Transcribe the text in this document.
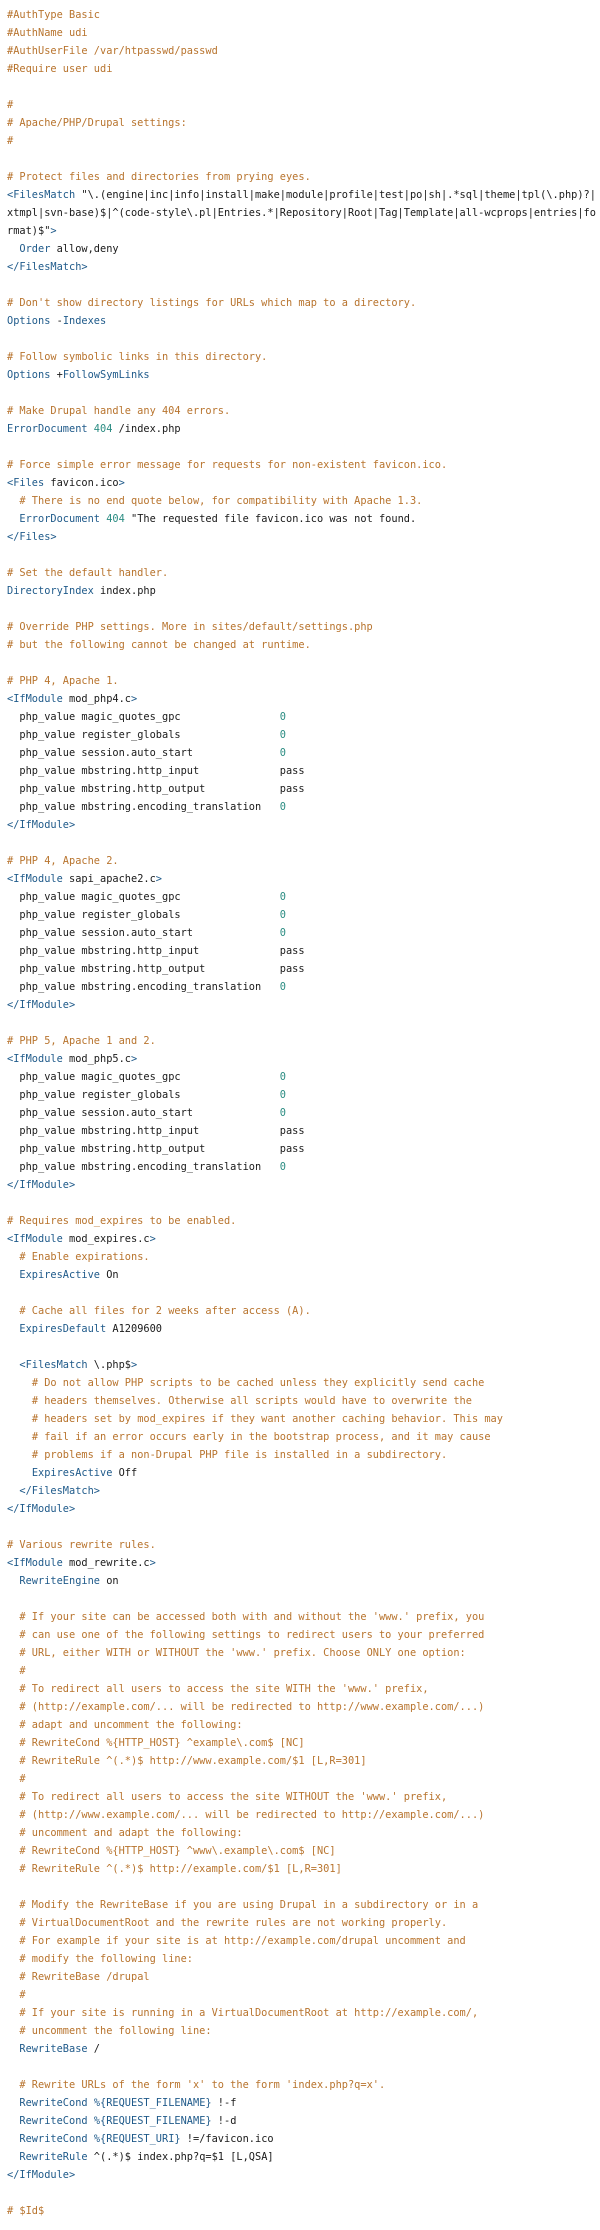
#AuthType Basic
#AuthName udi
#AuthUserFile /var/htpasswd/passwd
#Require user udi
#
# Apache/PHP/Drupal settings:
#
# Protect files and directories from prying eyes.
<FilesMatch "\.(engine|inc|info|install|make|module|profile|test|po|sh|.*sql|theme|tpl(\.php)?|xtmpl|svn-base)$|^(code-style\.pl|Entries.*|Repository|Root|Tag|Template|all-wcprops|entries|format)$">
Order allow,deny
</FilesMatch>
# Don't show directory listings for URLs which map to a directory.
Options -Indexes
# Follow symbolic links in this directory.
Options +FollowSymLinks
# Make Drupal handle any 404 errors.
ErrorDocument 404 /index.php
# Force simple error message for requests for non-existent favicon.ico.
<Files favicon.ico>
# There is no end quote below, for compatibility with Apache 1.3.
ErrorDocument 404 "The requested file favicon.ico was not found.
</Files>
# Set the default handler.
DirectoryIndex index.php
# Override PHP settings. More in sites/default/settings.php
# but the following cannot be changed at runtime.
# PHP 4, Apache 1.
<IfModule mod_php4.c>
php_value magic_quotes_gpc                0
php_value register_globals                0
php_value session.auto_start              0
php_value mbstring.http_input             pass
php_value mbstring.http_output            pass
php_value mbstring.encoding_translation   0
</IfModule>
# PHP 4, Apache 2.
<IfModule sapi_apache2.c>
php_value magic_quotes_gpc                0
php_value register_globals                0
php_value session.auto_start              0
php_value mbstring.http_input             pass
php_value mbstring.http_output            pass
php_value mbstring.encoding_translation   0
</IfModule>
# PHP 5, Apache 1 and 2.
<IfModule mod_php5.c>
php_value magic_quotes_gpc                0
php_value register_globals                0
php_value session.auto_start              0
php_value mbstring.http_input             pass
php_value mbstring.http_output            pass
php_value mbstring.encoding_translation   0
</IfModule>
# Requires mod_expires to be enabled.
<IfModule mod_expires.c>
# Enable expirations.
ExpiresActive On
# Cache all files for 2 weeks after access (A).
ExpiresDefault A1209600
<FilesMatch \.php$>
# Do not allow PHP scripts to be cached unless they explicitly send cache
# headers themselves. Otherwise all scripts would have to overwrite the
# headers set by mod_expires if they want another caching behavior. This may
# fail if an error occurs early in the bootstrap process, and it may cause
# problems if a non-Drupal PHP file is installed in a subdirectory.
ExpiresActive Off
</FilesMatch>
</IfModule>
# Various rewrite rules.
<IfModule mod_rewrite.c>
RewriteEngine on
# If your site can be accessed both with and without the 'www.' prefix, you
# can use one of the following settings to redirect users to your preferred
# URL, either WITH or WITHOUT the 'www.' prefix. Choose ONLY one option:
#
# To redirect all users to access the site WITH the 'www.' prefix,
# (http://example.com/... will be redirected to http://www.example.com/...)
# adapt and uncomment the following:
# RewriteCond %{HTTP_HOST} ^example\.com$ [NC]
# RewriteRule ^(.*)$ http://www.example.com/$1 [L,R=301]
#
# To redirect all users to access the site WITHOUT the 'www.' prefix,
# (http://www.example.com/... will be redirected to http://example.com/...)
# uncomment and adapt the following:
# RewriteCond %{HTTP_HOST} ^www\.example\.com$ [NC]
# RewriteRule ^(.*)$ http://example.com/$1 [L,R=301]
# Modify the RewriteBase if you are using Drupal in a subdirectory or in a
# VirtualDocumentRoot and the rewrite rules are not working properly.
# For example if your site is at http://example.com/drupal uncomment and
# modify the following line:
# RewriteBase /drupal
#
# If your site is running in a VirtualDocumentRoot at http://example.com/,
# uncomment the following line:
RewriteBase /
# Rewrite URLs of the form 'x' to the form 'index.php?q=x'.
RewriteCond %{REQUEST_FILENAME} !-f
RewriteCond %{REQUEST_FILENAME} !-d
RewriteCond %{REQUEST_URI} !=/favicon.ico
RewriteRule ^(.*)$ index.php?q=$1 [L,QSA]
</IfModule>
# $Id$
